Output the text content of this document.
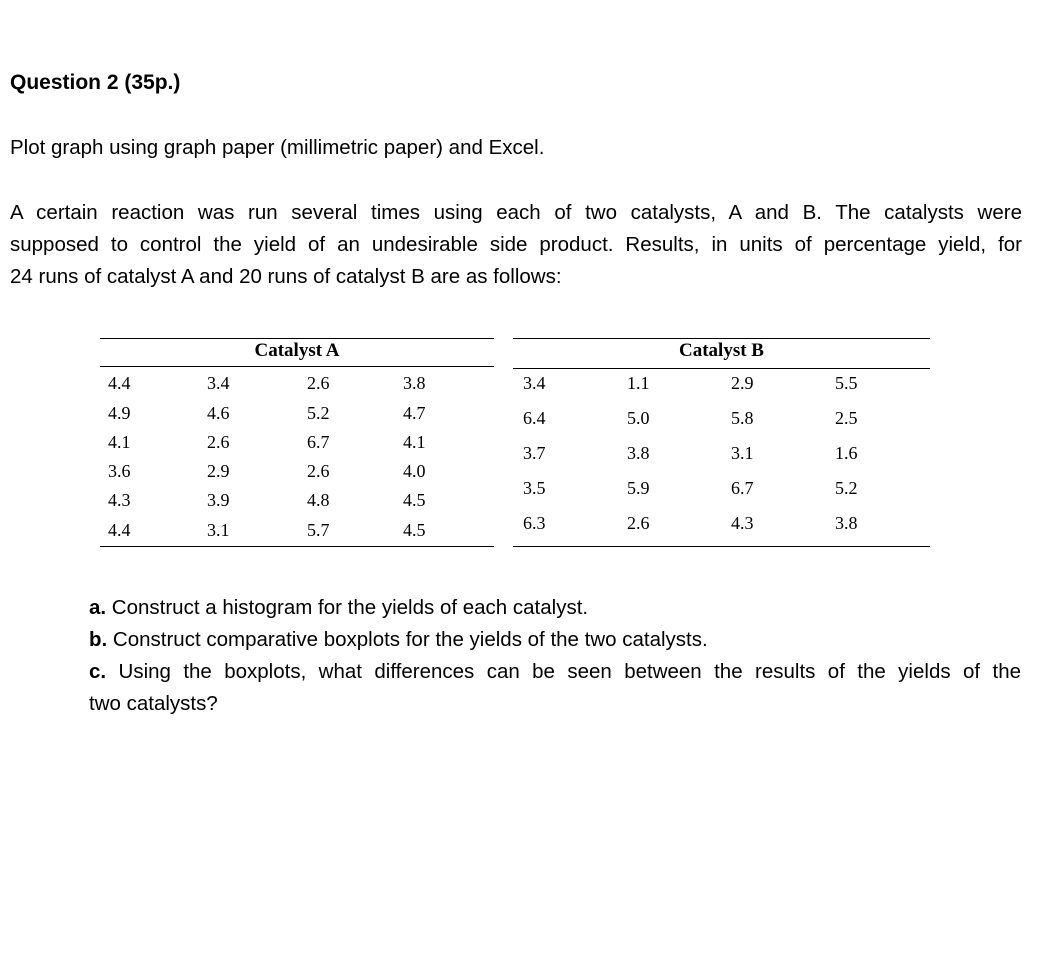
Question 2 (35p.)
Plot graph using graph paper (millimetric paper) and Excel.
A certain reaction was run several times using each of two catalysts, A and B. The catalysts were
supposed to control the yield of an undesirable side product. Results, in units of percentage yield, for
24 runs of catalyst A and 20 runs of catalyst B are as follows:
Catalyst A
4.4	3.4	2.6	3.8
4.9	4.6	5.2	4.7
4.1	2.6	6.7	4.1
3.6	2.9	2.6	4.0
4.3	3.9	4.8	4.5
4.4	3.1	5.7	4.5
Catalyst B
3.4	1.1	2.9	5.5
6.4	5.0	5.8	2.5
3.7	3.8	3.1	1.6
3.5	5.9	6.7	5.2
6.3	2.6	4.3	3.8
a. Construct a histogram for the yields of each catalyst.
b. Construct comparative boxplots for the yields of the two catalysts.
c. Using the boxplots, what differences can be seen between the results of the yields of the
two catalysts?
